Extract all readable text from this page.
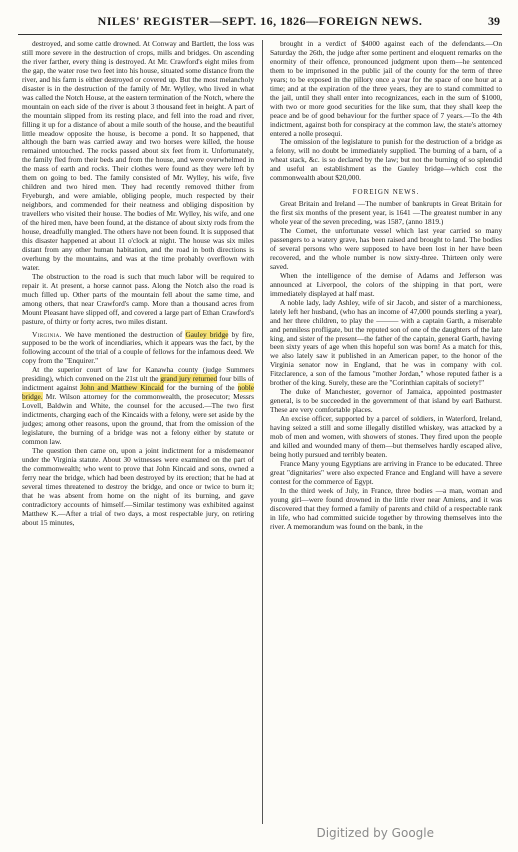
NILES' REGISTER—SEPT. 16, 1826—FOREIGN NEWS.	39

destroyed, and some cattle drowned. At Conway and Bartlett, the loss was still more severe in the destruction of crops, mills and bridges. On ascending the river farther, every thing is destroyed. At Mr. Crawford's eight miles from the gap, the water rose two feet into his house, situated some distance from the river, and his farm is either destroyed or covered up. But the most melancholy disaster is in the destruction of the family of Mr. Wylley, who lived in what was called the Notch House, at the eastern termination of the Notch, where the mountain on each side of the river is about 3 thousand feet in height. A part of the mountain slipped from its resting place, and fell into the road and river, filling it up for a distance of about a mile south of the house, and the beautiful little meadow opposite the house, is become a pond. It so happened, that although the barn was carried away and two horses were killed, the house remained untouched. The rocks passed about six feet from it. Unfortunately, the family fled from their beds and from the house, and were overwhelmed in the mass of earth and rocks. Their clothes were found as they were left by them on going to bed. The family consisted of Mr. Wylley, his wife, five children and two hired men. They had recently removed thither from Fryeburgh, and were amiable, obliging people, much respected by their neighbors, and commended for their neatness and obliging disposition by travellers who visited their house. The bodies of Mr. Wylley, his wife, and one of the hired men, have been found, at the distance of about sixty rods from the house, dreadfully mangled. The others have not been found. It is supposed that this disaster happened at about 11 o'clock at night. The house was six miles distant from any other human habitation, and the road in both directions is overhung by the mountains, and was at the time probably overflown with water.

The obstruction to the road is such that much labor will be required to repair it. At present, a horse cannot pass. Along the Notch also the road is much filled up. Other parts of the mountain fell about the same time, and among others, that near Crawford's camp. More than a thousand acres from Mount Pleasant have slipped off, and covered a large part of Ethan Crawford's pasture, of thirty or forty acres, two miles distant.

Virginia. We have mentioned the destruction of Gauley bridge by fire, supposed to be the work of incendiaries, which it appears was the fact, by the following account of the trial of a couple of fellows for the infamous deed. We copy from the "Enquirer."

At the superior court of law for Kanawha county (judge Summers presiding), which convened on the 21st ult the grand jury returned four bills of indictment against John and Matthew Kincaid for the burning of the noble bridge. Mr. Wilson attorney for the commonwealth, the prosecutor; Messrs Lovell, Baldwin and White, the counsel for the accused.—The two first indictments, charging each of the Kincaids with a felony, were set aside by the judges; among other reasons, upon the ground, that from the omission of the legislature, the burning of a bridge was not a felony either by statute or common law.

The question then came on, upon a joint indictment for a misdemeanor under the Virginia statute. About 30 witnesses were examined on the part of the commonwealth; who went to prove that John Kincaid and sons, owned a ferry near the bridge, which had been destroyed by its erection; that he had at several times threatened to destroy the bridge, and once or twice to burn it; that he was absent from home on the night of its burning, and gave contradictory accounts of himself.—Similar testimony was exhibited against Matthew K.—After a trial of two days, a most respectable jury, on retiring about 15 minutes,

brought in a verdict of $4000 against each of the defendants.—On Saturday the 26th, the judge after some pertinent and eloquent remarks on the enormity of their offence, pronounced judgment upon them—he sentenced them to be imprisoned in the public jail of the county for the term of three years; to be exposed in the pillory once a year for the space of one hour at a time; and at the expiration of the three years, they are to stand committed to the jail, until they shall enter into recognizances, each in the sum of $1000, with two or more good securities for the like sum, that they shall keep the peace and be of good behaviour for the further space of 7 years.—To the 4th indictment, against both for conspiracy at the common law, the state's attorney entered a nolle prosequi.

The omission of the legislature to punish for the destruction of a bridge as a felony, will no doubt be immediately supplied. The burning of a barn, of a wheat stack, &c. is so declared by the law; but not the burning of so splendid and useful an establishment as the Gauley bridge—which cost the commonwealth about $20,000.

FOREIGN NEWS.

Great Britain and Ireland —The number of bankrupts in Great Britain for the first six months of the present year, is 1641 —The greatest number in any whole year of the seven preceding, was 1587, (anno 1819.)

The Comet, the unfortunate vessel which last year carried so many passengers to a watery grave, has been raised and brought to land. The bodies of several persons who were supposed to have been lost in her have been recovered, and the whole number is now sixty-three. Thirteen only were saved.

When the intelligence of the demise of Adams and Jefferson was announced at Liverpool, the colors of the shipping in that port, were immediately displayed at half mast.

A noble lady, lady Ashley, wife of sir Jacob, and sister of a marchioness, lately left her husband, (who has an income of 47,000 pounds sterling a year), and her three children, to play the ——— with a captain Garth, a miserable and penniless profligate, but the reputed son of one of the daughters of the late king, and sister of the present—the father of the captain, general Garth, having been sixty years of age when this hopeful son was born! As a match for this, we also lately saw it published in an American paper, to the honor of the Virginia senator now in England, that he was in company with col. Fitzclarence, a son of the famous "mother Jordan," whose reputed father is a brother of the king. Surely, these are the "Corinthian capitals of society!"

The duke of Manchester, governor of Jamaica, appointed postmaster general, is to be succeeded in the government of that island by earl Bathurst. These are very comfortable places.

An excise officer, supported by a parcel of soldiers, in Waterford, Ireland, having seized a still and some illegally distilled whiskey, was attacked by a mob of men and women, with showers of stones. They fired upon the people and killed and wounded many of them—but themselves hardly escaped alive, being hotly pursued and terribly beaten.

France Many young Egyptians are arriving in France to be educated. Three great "dignitaries" were also expected France and England will have a severe contest for the commerce of Egypt.

In the third week of July, in France, three bodies —a man, woman and young girl—were found drowned in the little river near Amiens, and it was discovered that they formed a family of parents and child of a respectable rank in life, who had committed suicide together by throwing themselves into the river. A memorandum was found on the bank, in the

Digitized by Google
